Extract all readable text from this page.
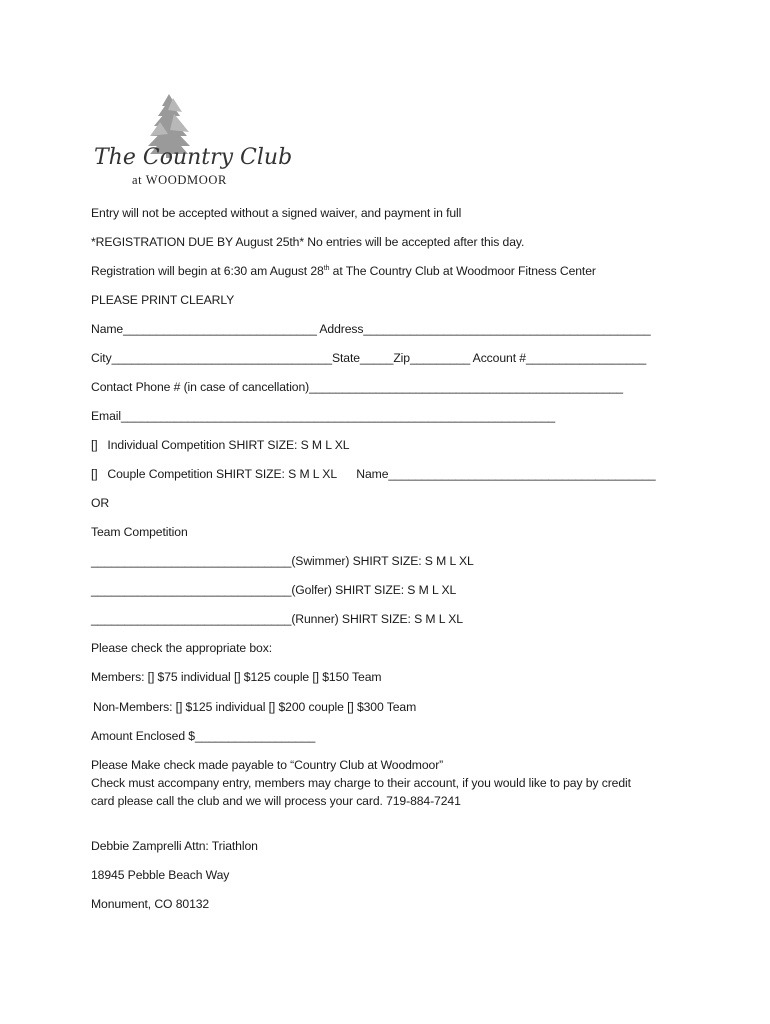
The Country Club
at WOODMOOR
Entry will not be accepted without a signed waiver, and payment in full
*REGISTRATION DUE BY August 25th* No entries will be accepted after this day.
Registration will begin at 6:30 am August 28th at The Country Club at Woodmoor Fitness Center
PLEASE PRINT CLEARLY
Name_____________________________ Address___________________________________________
City_________________________________State_____Zip_________ Account #__________________
Contact Phone # (in case of cancellation)_______________________________________________
Email_________________________________________________________________
[]   Individual Competition SHIRT SIZE: S M L XL
[]   Couple Competition SHIRT SIZE: S M L XL      Name________________________________________
OR
Team Competition
______________________________(Swimmer) SHIRT SIZE: S M L XL
______________________________(Golfer) SHIRT SIZE: S M L XL
______________________________(Runner) SHIRT SIZE: S M L XL
Please check the appropriate box:
Members: [] $75 individual [] $125 couple [] $150 Team
Non-Members: [] $125 individual [] $200 couple [] $300 Team
Amount Enclosed $__________________
Please Make check made payable to “Country Club at Woodmoor”
Check must accompany entry, members may charge to their account, if you would like to pay by credit
card please call the club and we will process your card. 719-884-7241
Debbie Zamprelli Attn: Triathlon
18945 Pebble Beach Way
Monument, CO 80132
